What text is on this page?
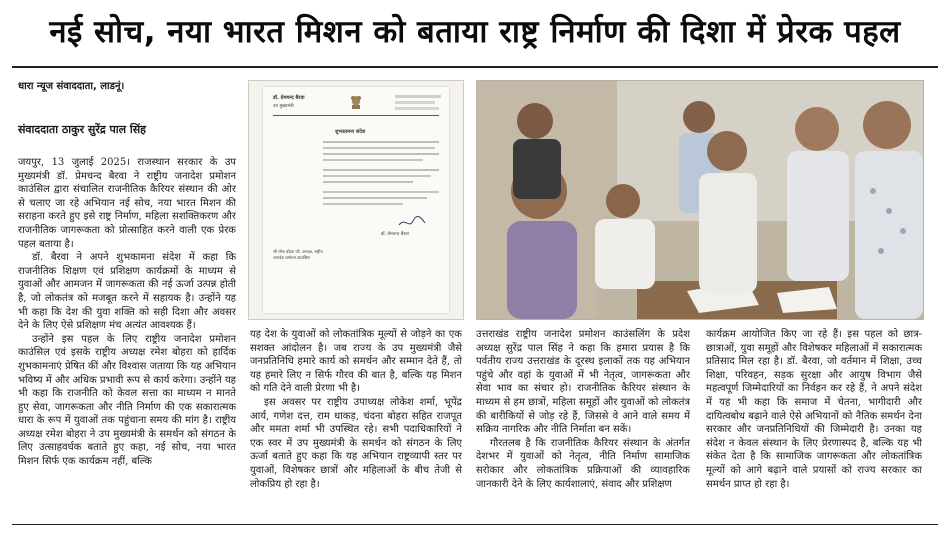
नई सोच, नया भारत मिशन को बताया राष्ट्र निर्माण की दिशा में प्रेरक पहल
धारा न्यूज संवाददाता, लाडनूं।
संवाददाता ठाकुर सुरेंद्र पाल सिंह

जयपुर, 13 जुलाई 2025। राजस्थान सरकार के उप मुख्यमंत्री डॉ. प्रेमचन्द बैरवा ने राष्ट्रीय जनादेश प्रमोशन काउंसिल द्वारा संचालित राजनीतिक कैरियर संस्थान की ओर से चलाए जा रहे अभियान नई सोच, नया भारत मिशन की सराहना करते हुए इसे राष्ट्र निर्माण, महिला सशक्तिकरण और राजनीतिक जागरूकता को प्रोत्साहित करने वाली एक प्रेरक पहल बताया है।

डॉ. बैरवा ने अपने शुभकामना संदेश में कहा कि राजनीतिक शिक्षण एवं प्रशिक्षण कार्यक्रमों के माध्यम से युवाओं और आमजन में जागरूकता की नई ऊर्जा उत्पन्न होती है, जो लोकतंत्र को मजबूत करने में सहायक है। उन्होंने यह भी कहा कि देश की युवा शक्ति को सही दिशा और अवसर देने के लिए ऐसे प्रशिक्षण मंच अत्यंत आवश्यक हैं।

उन्होंने इस पहल के लिए राष्ट्रीय जनादेश प्रमोशन काउंसिल एवं इसके राष्ट्रीय अध्यक्ष रमेश बोहरा को हार्दिक शुभकामनाएं प्रेषित कीं और विश्वास जताया कि यह अभियान भविष्य में और अधिक प्रभावी रूप से कार्य करेगा। उन्होंने यह भी कहा कि राजनीति को केवल सत्ता का माध्यम न मानते हुए सेवा, जागरूकता और नीति निर्माण की एक सकारात्मक धारा के रूप में युवाओं तक पहुंचाना समय की मांग है। राष्ट्रीय अध्यक्ष रमेश बोहरा ने उप मुख्यमंत्री के समर्थन को संगठन के लिए उत्साहवर्धक बताते हुए कहा, नई सोच, नया भारत मिशन सिर्फ एक कार्यक्रम नहीं, बल्कि

डॉ. प्रेमचन्द बैरवा
उप मुख्यमंत्री
शुभकामना संदेश
डॉ. प्रेमचन्द बैरवा
श्री रमेश बोहरा जी, अध्यक्ष, राष्ट्रीय जनादेश प्रमोशन काउंसिल

यह देश के युवाओं को लोकतांत्रिक मूल्यों से जोड़ने का एक सशक्त आंदोलन है। जब राज्य के उप मुख्यमंत्री जैसे जनप्रतिनिधि हमारे कार्य को समर्थन और सम्मान देते हैं, तो यह हमारे लिए न सिर्फ गौरव की बात है, बल्कि यह मिशन को गति देने वाली प्रेरणा भी है।

इस अवसर पर राष्ट्रीय उपाध्यक्ष लोकेश शर्मा, भूपेंद्र आर्य, गणेश दत्त, राम धाकड़, चंदना बोहरा सहित राजपूत और ममता शर्मा भी उपस्थित रहे। सभी पदाधिकारियों ने एक स्वर में उप मुख्यमंत्री के समर्थन को संगठन के लिए ऊर्जा बताते हुए कहा कि यह अभियान राष्ट्रव्यापी स्तर पर युवाओं, विशेषकर छात्रों और महिलाओं के बीच तेजी से लोकप्रिय हो रहा है।

उत्तराखंड राष्ट्रीय जनादेश प्रमोशन काउंसलिंग के प्रदेश अध्यक्ष सुरेंद्र पाल सिंह ने कहा कि हमारा प्रयास है कि पर्वतीय राज्य उत्तराखंड के दूरस्थ इलाकों तक यह अभियान पहुंचे और वहां के युवाओं में भी नेतृत्व, जागरूकता और सेवा भाव का संचार हो। राजनीतिक कैरियर संस्थान के माध्यम से हम छात्रों, महिला समूहों और युवाओं को लोकतंत्र की बारीकियों से जोड़ रहे हैं, जिससे वे आने वाले समय में सक्रिय नागरिक और नीति निर्माता बन सकें।

गौरतलब है कि राजनीतिक कैरियर संस्थान के अंतर्गत देशभर में युवाओं को नेतृत्व, नीति निर्माण सामाजिक सरोकार और लोकतांत्रिक प्रक्रियाओं की व्यावहारिक जानकारी देने के लिए कार्यशालाएं, संवाद और प्रशिक्षण

कार्यक्रम आयोजित किए जा रहे हैं। इस पहल को छात्र-छात्राओं, युवा समूहों और विशेषकर महिलाओं में सकारात्मक प्रतिसाद मिल रहा है। डॉ. बैरवा, जो वर्तमान में शिक्षा, उच्च शिक्षा, परिवहन, सड़क सुरक्षा और आयुष विभाग जैसे महत्वपूर्ण जिम्मेदारियों का निर्वहन कर रहे हैं, ने अपने संदेश में यह भी कहा कि समाज में चेतना, भागीदारी और दायित्वबोध बढ़ाने वाले ऐसे अभियानों को नैतिक समर्थन देना सरकार और जनप्रतिनिधियों की जिम्मेदारी है। उनका यह संदेश न केवल संस्थान के लिए प्रेरणास्पद है, बल्कि यह भी संकेत देता है कि सामाजिक जागरूकता और लोकतांत्रिक मूल्यों को आगे बढ़ाने वाले प्रयासों को राज्य सरकार का समर्थन प्राप्त हो रहा है।
